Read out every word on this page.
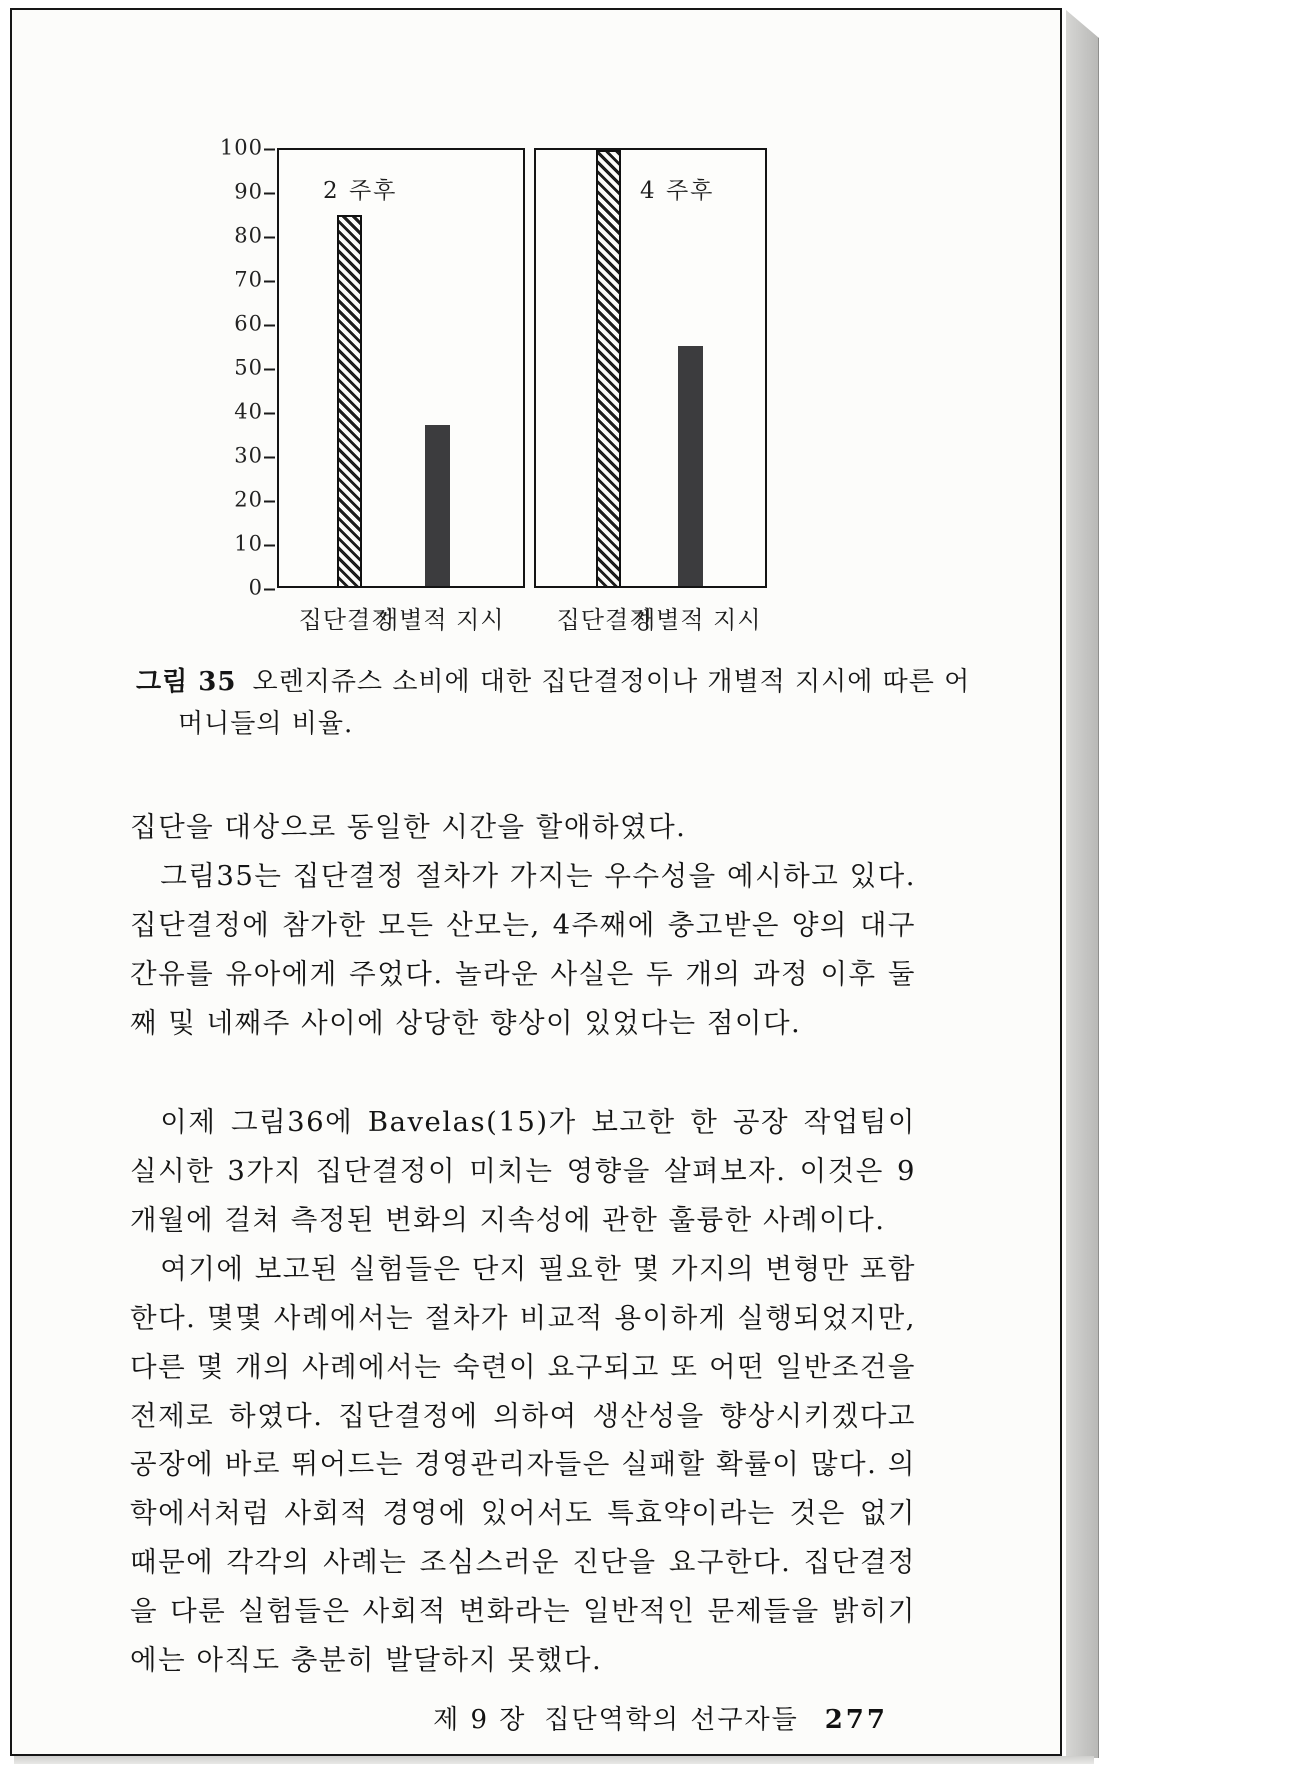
100
90
80
70
60
50
40
30
20
10
0
2 주후	4 주후
집단결정
개별적 지시	집단결정
개별적 지시

그림 35 오렌지쥬스 소비에 대한 집단결정이나 개별적 지시에 따른 어머니들의 비율.

집단을 대상으로 동일한 시간을 할애하였다.

그림35는 집단결정 절차가 가지는 우수성을 예시하고 있다. 집단결정에 참가한 모든 산모는, 4주째에 충고받은 양의 대구간유를 유아에게 주었다. 놀라운 사실은 두 개의 과정 이후 둘째 및 네째주 사이에 상당한 향상이 있었다는 점이다.

이제 그림36에 Bavelas(15)가 보고한 한 공장 작업팀이 실시한 3가지 집단결정이 미치는 영향을 살펴보자. 이것은 9개월에 걸쳐 측정된 변화의 지속성에 관한 훌륭한 사례이다.

여기에 보고된 실험들은 단지 필요한 몇 가지의 변형만 포함한다. 몇몇 사례에서는 절차가 비교적 용이하게 실행되었지만, 다른 몇 개의 사례에서는 숙련이 요구되고 또 어떤 일반조건을 전제로 하였다. 집단결정에 의하여 생산성을 향상시키겠다고 공장에 바로 뛰어드는 경영관리자들은 실패할 확률이 많다. 의학에서처럼 사회적 경영에 있어서도 특효약이라는 것은 없기 때문에 각각의 사례는 조심스러운 진단을 요구한다. 집단결정을 다룬 실험들은 사회적 변화라는 일반적인 문제들을 밝히기에는 아직도 충분히 발달하지 못했다.

제 9 장 집단역학의 선구자들 277
